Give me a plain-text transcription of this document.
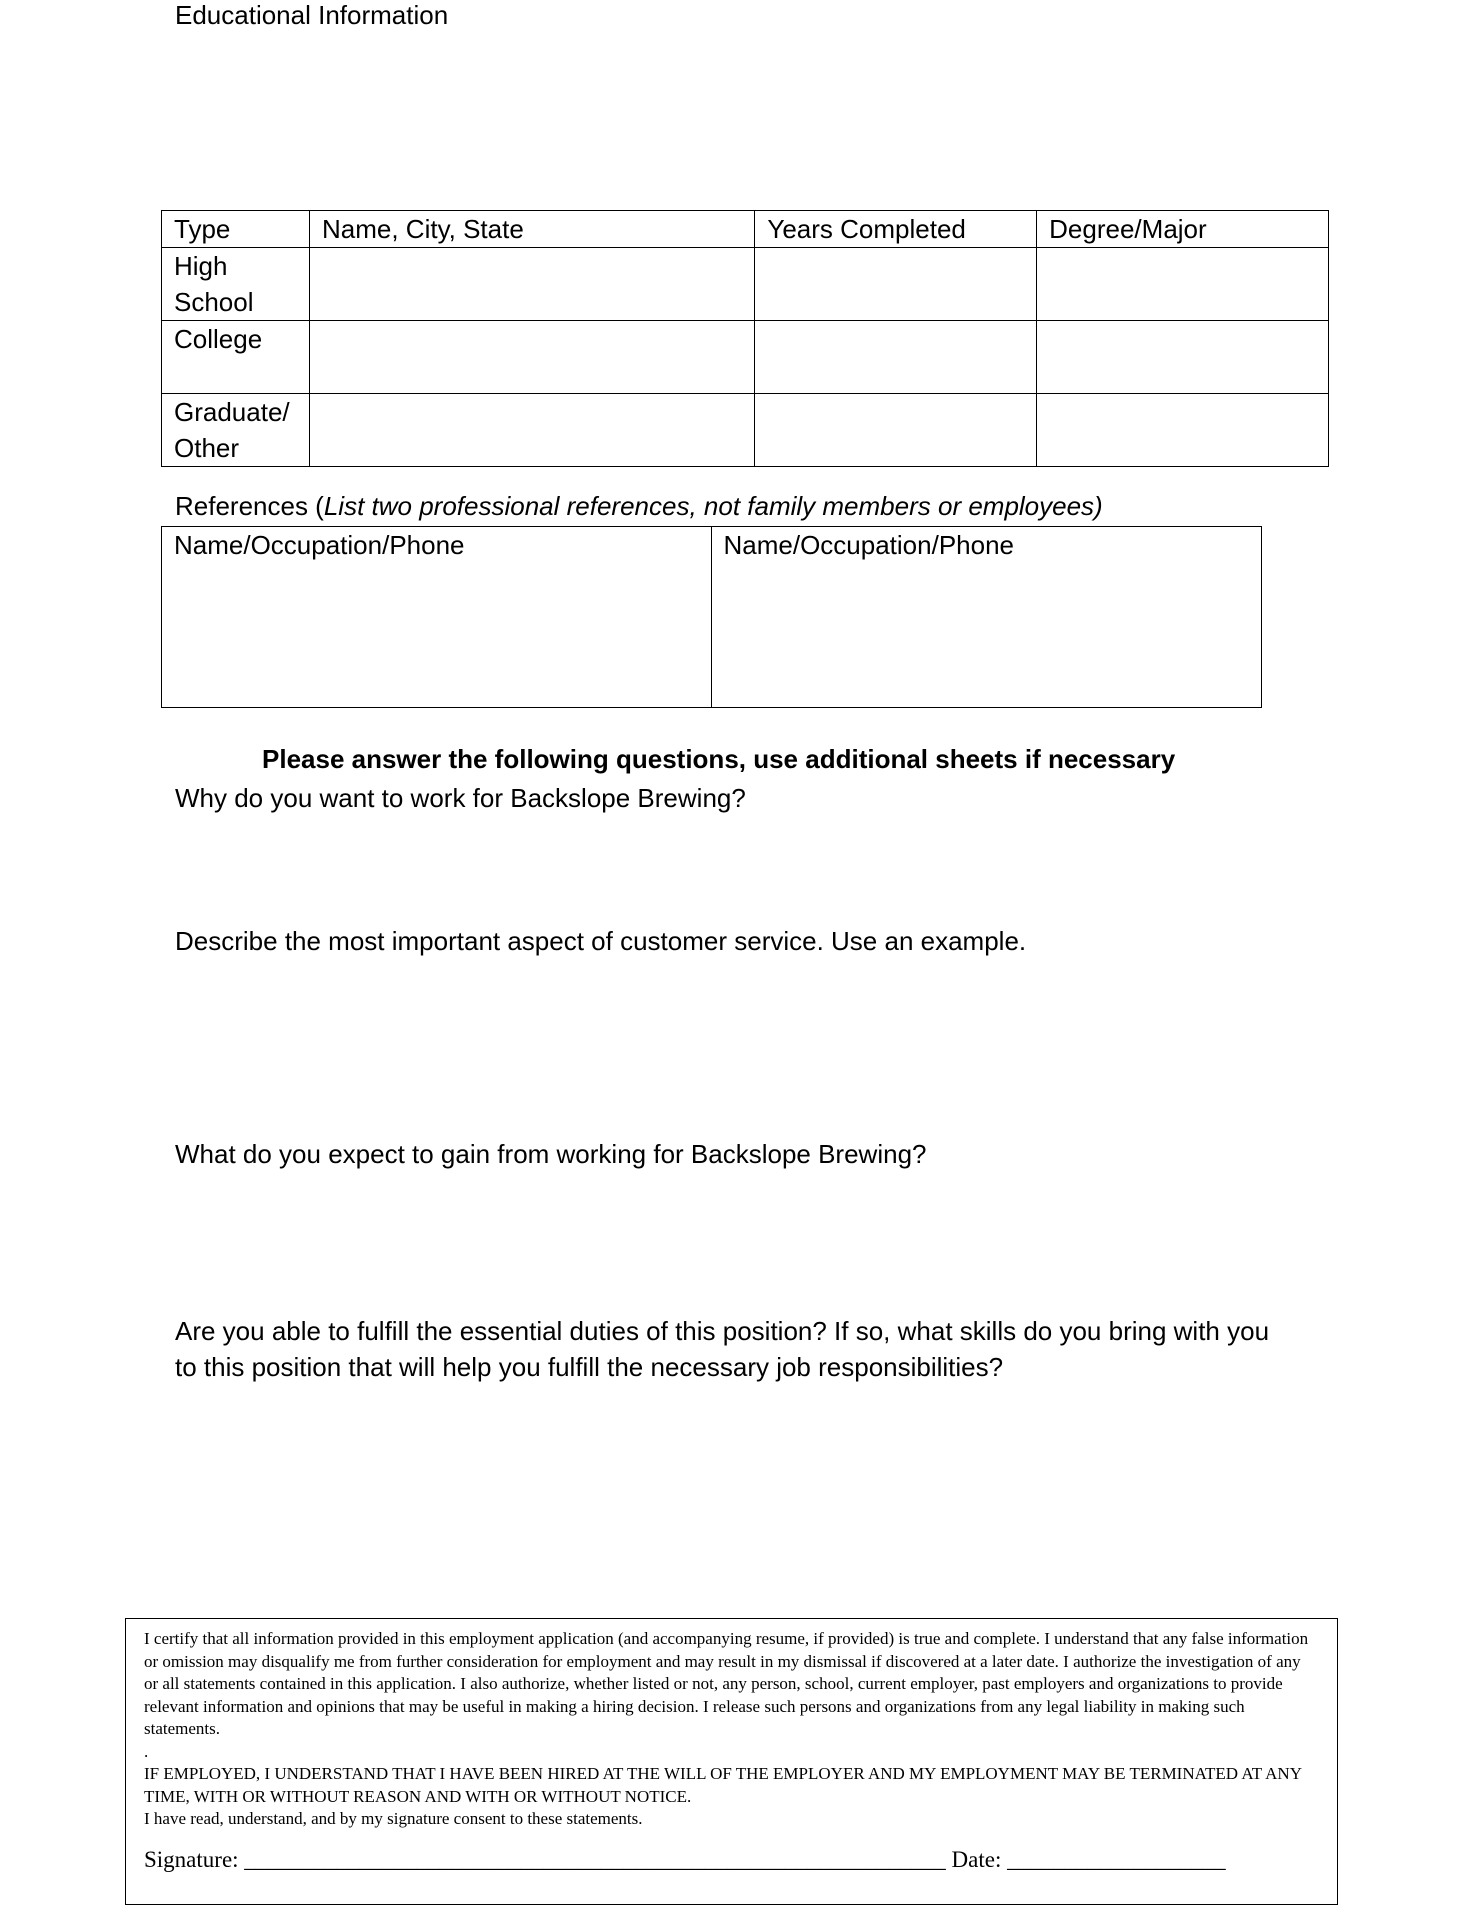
Educational Information
Type	Name, City, State	Years Completed	Degree/Major
High School			
College			
Graduate/ Other			
References (List two professional references, not family members or employees)
Name/Occupation/Phone	Name/Occupation/Phone
Please answer the following questions, use additional sheets if necessary
Why do you want to work for Backslope Brewing?
Describe the most important aspect of customer service. Use an example.
What do you expect to gain from working for Backslope Brewing?
Are you able to fulfill the essential duties of this position? If so, what skills do you bring with you to this position that will help you fulfill the necessary job responsibilities?

I certify that all information provided in this employment application (and accompanying resume, if provided) is true and complete. I understand that any false information or omission may disqualify me from further consideration for employment and may result in my dismissal if discovered at a later date. I authorize the investigation of any or all statements contained in this application. I also authorize, whether listed or not, any person, school, current employer, past employers and organizations to provide relevant information and opinions that may be useful in making a hiring decision. I release such persons and organizations from any legal liability in making such statements.

.

IF EMPLOYED, I UNDERSTAND THAT I HAVE BEEN HIRED AT THE WILL OF THE EMPLOYER AND MY EMPLOYMENT MAY BE TERMINATED AT ANY TIME, WITH OR WITHOUT REASON AND WITH OR WITHOUT NOTICE.

I have read, understand, and by my signature consent to these statements.

Signature: _____________________________________________________________ Date: ___________________
